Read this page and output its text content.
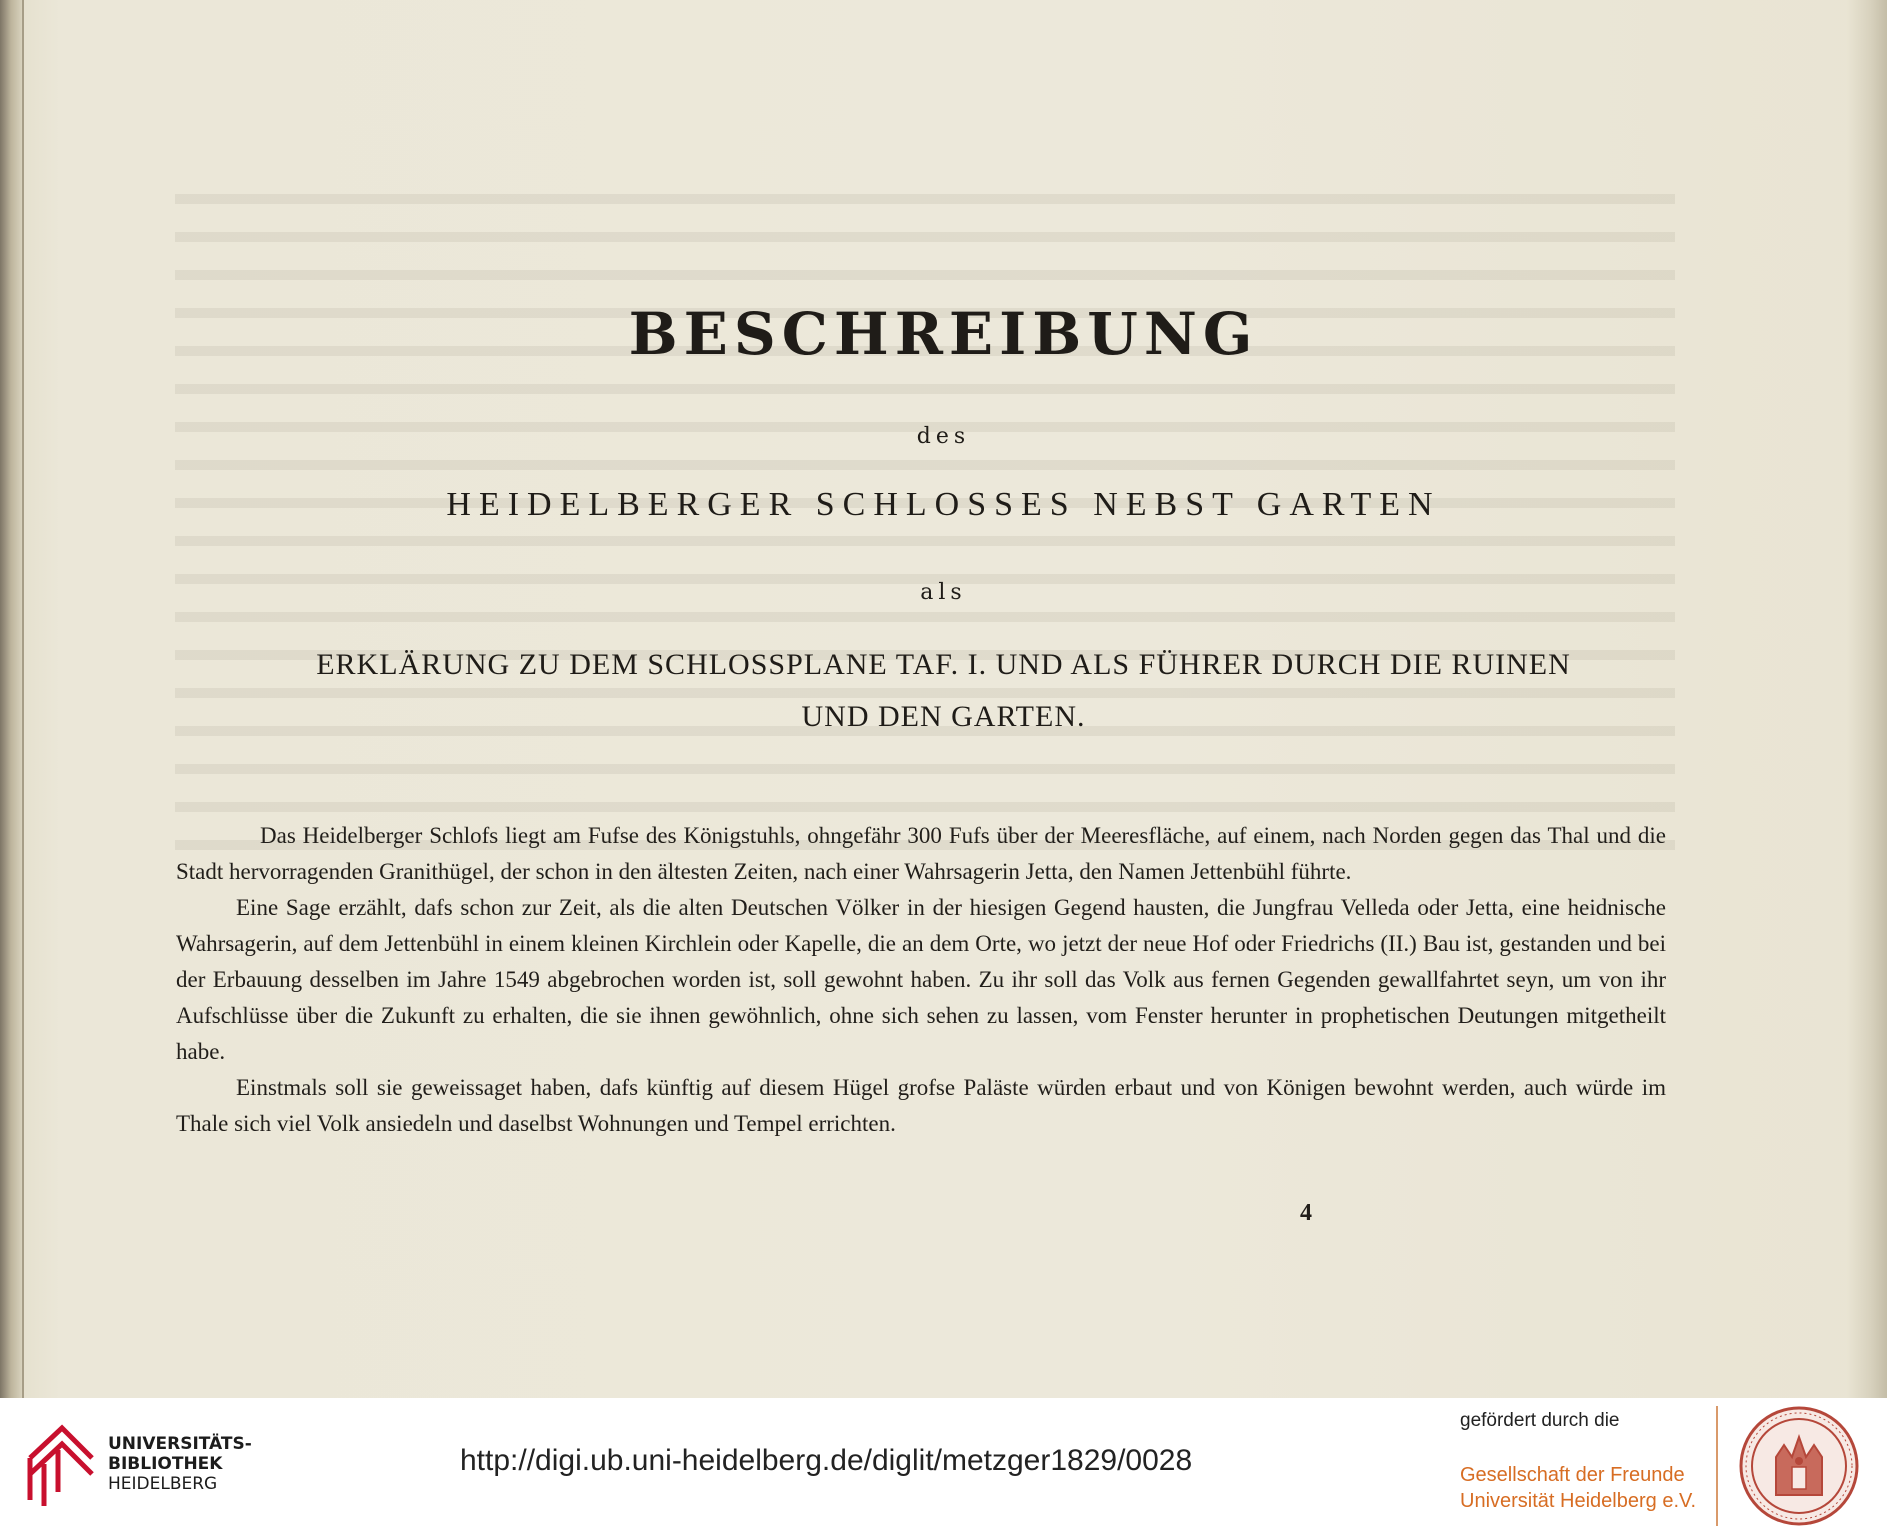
BESCHREIBUNG
des
HEIDELBERGER SCHLOSSES NEBST GARTEN
als
ERKLÄRUNG ZU DEM SCHLOSSPLANE TAF. I. UND ALS FÜHRER DURCH DIE RUINEN
UND DEN GARTEN.

Das Heidelberger Schlofs liegt am Fufse des Königstuhls, ohngefähr 300 Fufs über der Meeresfläche, auf einem, nach Norden gegen das Thal und die Stadt hervorragenden Granithügel, der schon in den ältesten Zeiten, nach einer Wahrsagerin Jetta, den Namen Jettenbühl führte.

Eine Sage erzählt, dafs schon zur Zeit, als die alten Deutschen Völker in der hiesigen Gegend hausten, die Jungfrau Velleda oder Jetta, eine heidnische Wahrsagerin, auf dem Jettenbühl in einem kleinen Kirchlein oder Kapelle, die an dem Orte, wo jetzt der neue Hof oder Friedrichs (II.) Bau ist, gestanden und bei der Erbauung desselben im Jahre 1549 abgebrochen worden ist, soll gewohnt haben. Zu ihr soll das Volk aus fernen Gegenden gewallfahrtet seyn, um von ihr Aufschlüsse über die Zukunft zu erhalten, die sie ihnen gewöhnlich, ohne sich sehen zu lassen, vom Fenster herunter in prophetischen Deutungen mitgetheilt habe.

Einstmals soll sie geweissaget haben, dafs künftig auf diesem Hügel grofse Paläste würden erbaut und von Königen bewohnt werden, auch würde im Thale sich viel Volk ansiedeln und daselbst Wohnungen und Tempel errichten.

4
UNIVERSITÄTS-
BIBLIOTHEK
HEIDELBERG
http://digi.ub.uni-heidelberg.de/diglit/metzger1829/0028
gefördert durch die
Gesellschaft der Freunde
Universität Heidelberg e.V.
